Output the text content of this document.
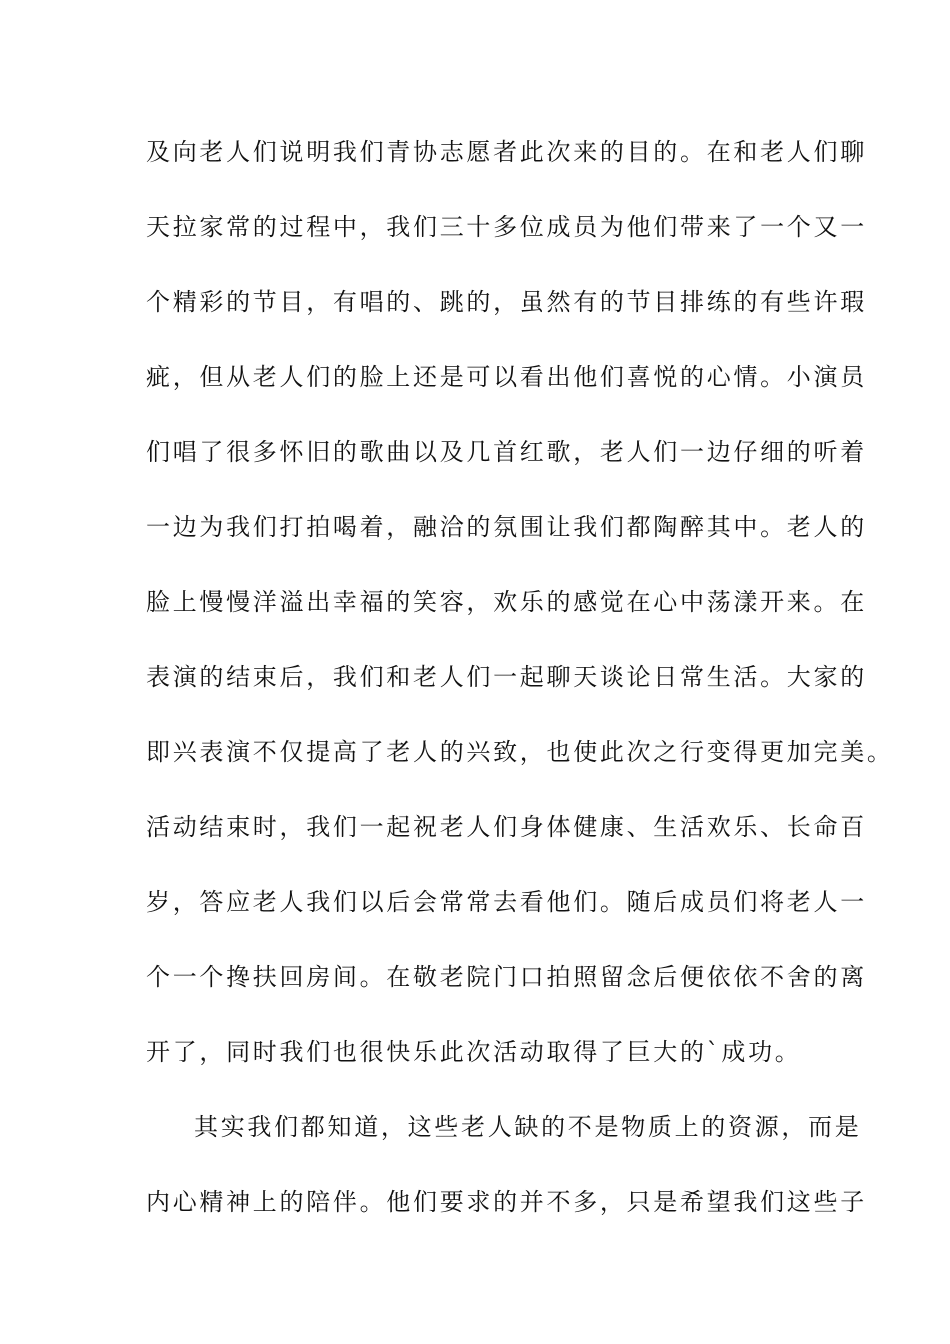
及向老人们说明我们青协志愿者此次来的目的。在和老人们聊

天拉家常的过程中，我们三十多位成员为他们带来了一个又一

个精彩的节目，有唱的、跳的，虽然有的节目排练的有些许瑕

疵，但从老人们的脸上还是可以看出他们喜悦的心情。小演员

们唱了很多怀旧的歌曲以及几首红歌，老人们一边仔细的听着

一边为我们打拍喝着，融洽的氛围让我们都陶醉其中。老人的

脸上慢慢洋溢出幸福的笑容，欢乐的感觉在心中荡漾开来。在

表演的结束后，我们和老人们一起聊天谈论日常生活。大家的

即兴表演不仅提高了老人的兴致，也使此次之行变得更加完美。

活动结束时，我们一起祝老人们身体健康、生活欢乐、长命百

岁，答应老人我们以后会常常去看他们。随后成员们将老人一

个一个搀扶回房间。在敬老院门口拍照留念后便依依不舍的离

开了，同时我们也很快乐此次活动取得了巨大的`成功。

其实我们都知道，这些老人缺的不是物质上的资源，而是

内心精神上的陪伴。他们要求的并不多，只是希望我们这些子
